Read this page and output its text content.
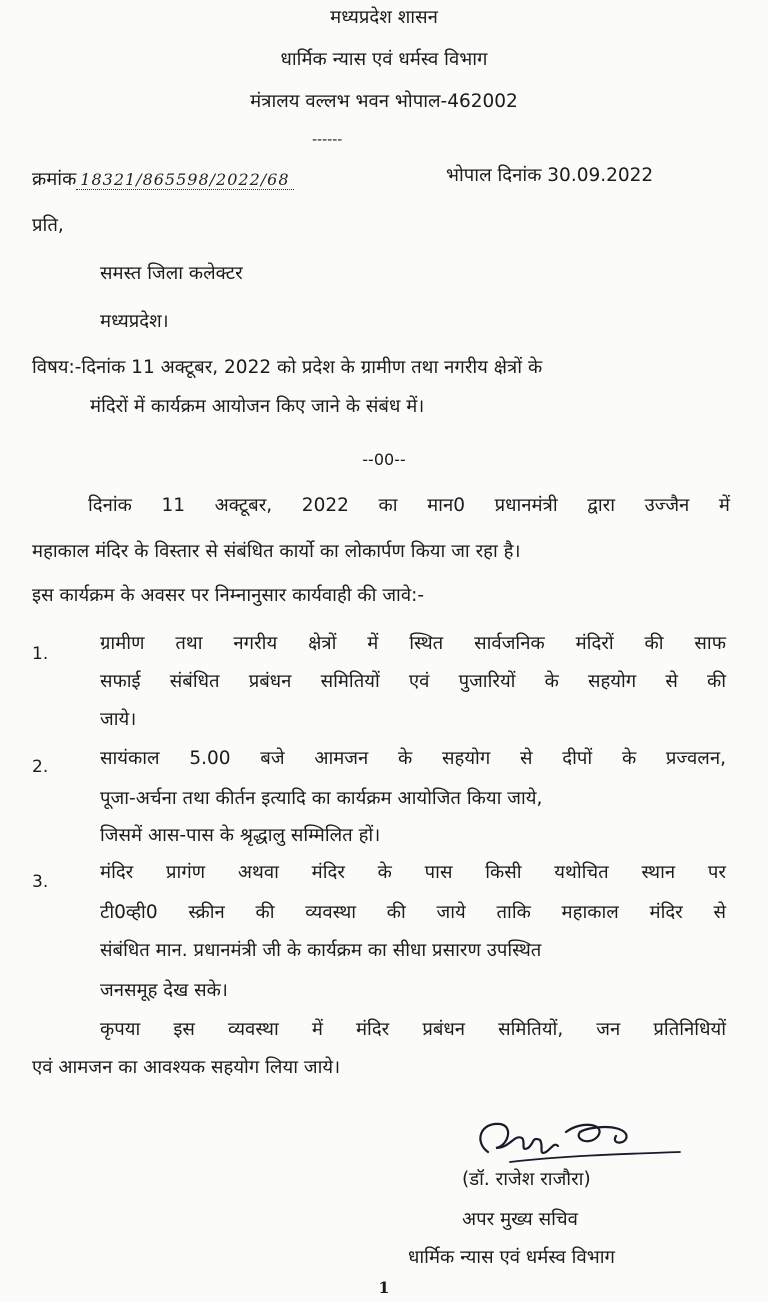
मध्यप्रदेश शासन
धार्मिक न्यास एवं धर्मस्व विभाग
मंत्रालय वल्लभ भवन भोपाल-462002
------
क्रमांक 18321/865598/2022/68	भोपाल दिनांक 30.09.2022
प्रति,
समस्त जिला कलेक्टर
मध्यप्रदेश।
विषय:-दिनांक 11 अक्टूबर, 2022 को प्रदेश के ग्रामीण तथा नगरीय क्षेत्रों के
मंदिरों में कार्यक्रम आयोजन किए जाने के संबंध में।
--00--
दिनांक 11 अक्टूबर, 2022 का मान0 प्रधानमंत्री द्वारा उज्जैन में
महाकाल मंदिर के विस्तार से संबंधित कार्यो का लोकार्पण किया जा रहा है।
इस कार्यक्रम के अवसर पर निम्नानुसार कार्यवाही की जावे:-
1.	ग्रामीण तथा नगरीय क्षेत्रों में स्थित सार्वजनिक मंदिरों की साफ
सफाई संबंधित प्रबंधन समितियों एवं पुजारियों के सहयोग से की
जाये।
2.	सायंकाल 5.00 बजे आमजन के सहयोग से दीपों के प्रज्वलन,
पूजा-अर्चना तथा कीर्तन इत्यादि का कार्यक्रम आयोजित किया जाये,
जिसमें आस-पास के श्रृद्धालु सम्मिलित हों।
3.	मंदिर प्रागंण अथवा मंदिर के पास किसी यथोचित स्थान पर
टी0व्ही0 स्क्रीन की व्यवस्था की जाये ताकि महाकाल मंदिर से
संबंधित मान. प्रधानमंत्री जी के कार्यक्रम का सीधा प्रसारण उपस्थित
जनसमूह देख सके।
कृपया इस व्यवस्था में मंदिर प्रबंधन समितियों, जन प्रतिनिधियों
एवं आमजन का आवश्यक सहयोग लिया जाये।
(डॉ. राजेश राजौरा)
अपर मुख्य सचिव
धार्मिक न्यास एवं धर्मस्व विभाग
1
